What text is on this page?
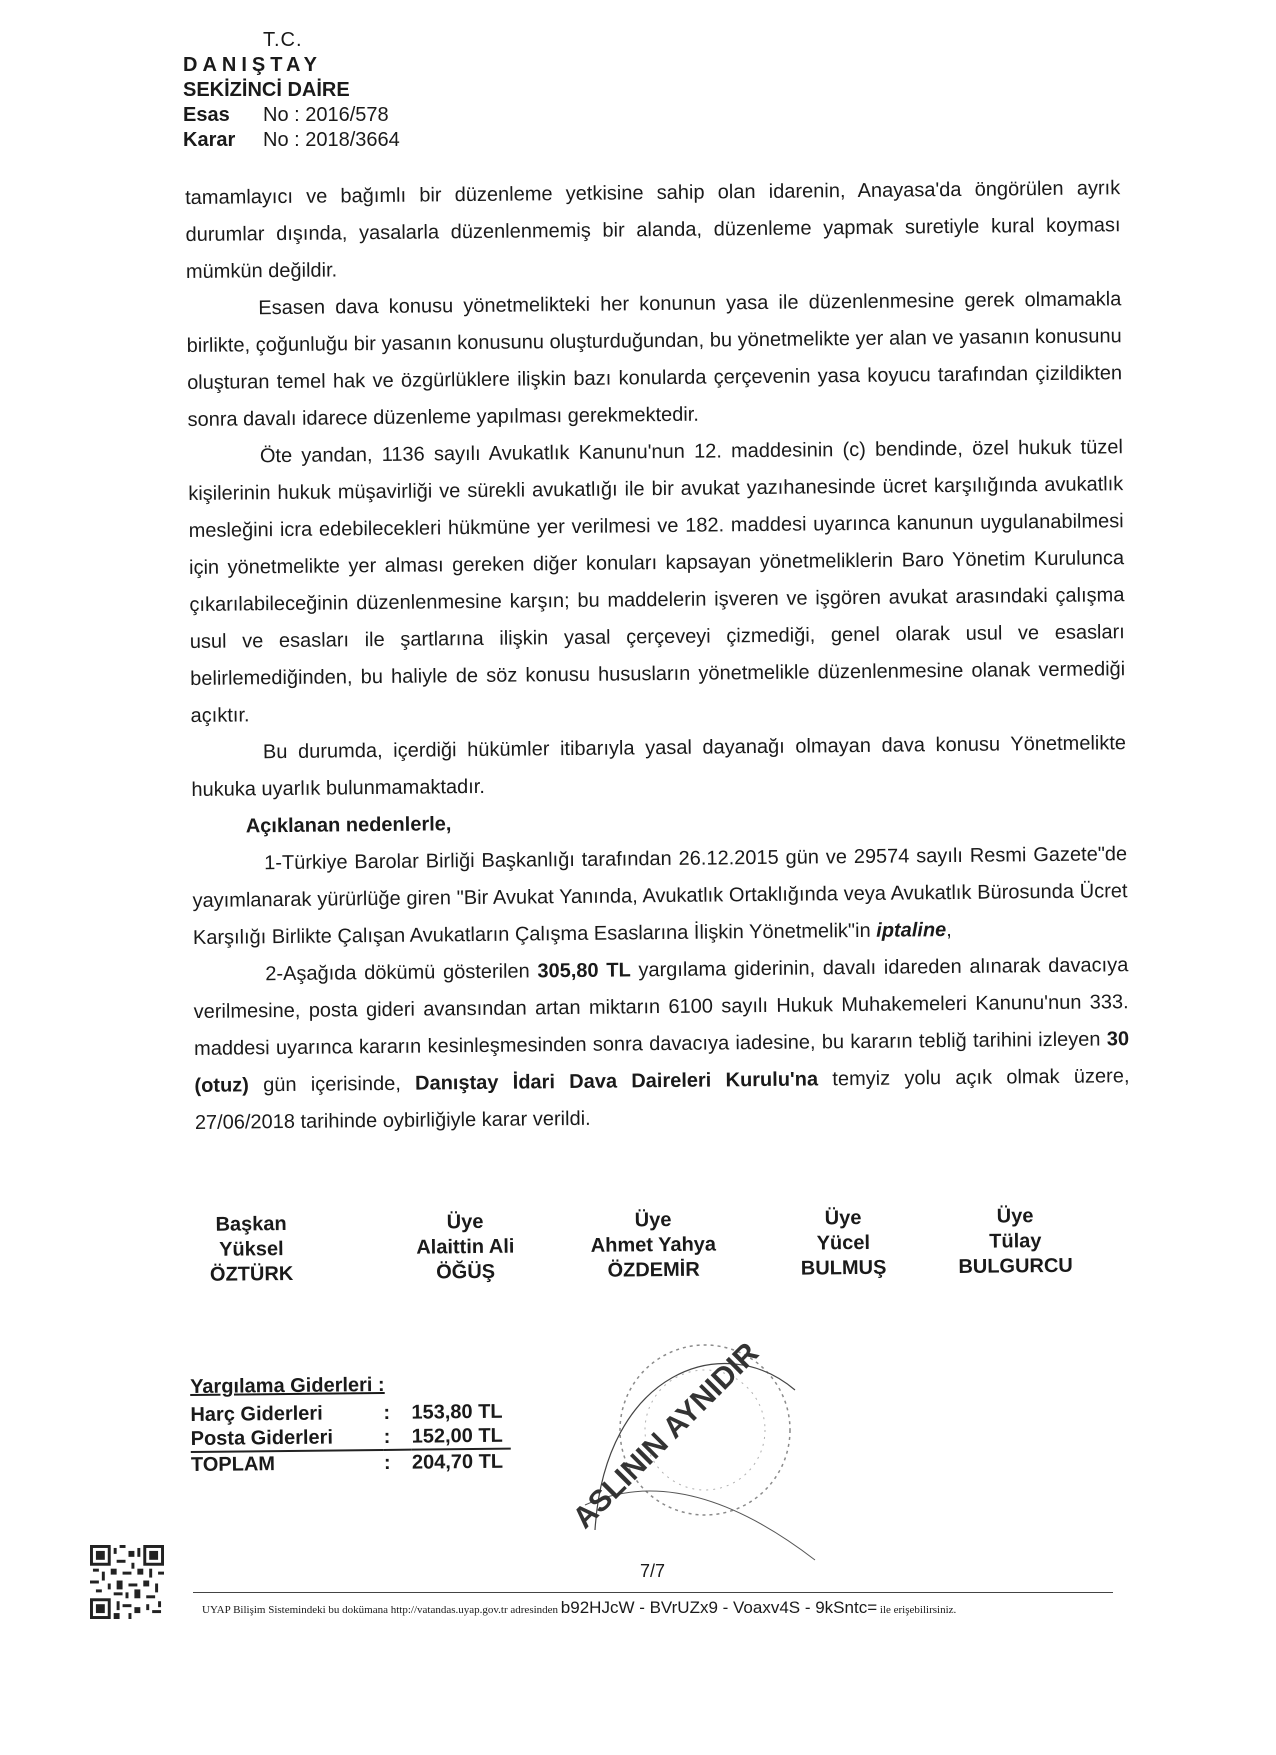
T.C.
DANIŞTAY
SEKİZİNCİ DAİRE
Esas No : 2016/578
Karar No : 2018/3664

tamamlayıcı ve bağımlı bir düzenleme yetkisine sahip olan idarenin, Anayasa'da öngörülen ayrık durumlar dışında, yasalarla düzenlenmemiş bir alanda, düzenleme yapmak suretiyle kural koyması mümkün değildir.

Esasen dava konusu yönetmelikteki her konunun yasa ile düzenlenmesine gerek olmamakla birlikte, çoğunluğu bir yasanın konusunu oluşturduğundan, bu yönetmelikte yer alan ve yasanın konusunu oluşturan temel hak ve özgürlüklere ilişkin bazı konularda çerçevenin yasa koyucu tarafından çizildikten sonra davalı idarece düzenleme yapılması gerekmektedir.

Öte yandan, 1136 sayılı Avukatlık Kanunu'nun 12. maddesinin (c) bendinde, özel hukuk tüzel kişilerinin hukuk müşavirliği ve sürekli avukatlığı ile bir avukat yazıhanesinde ücret karşılığında avukatlık mesleğini icra edebilecekleri hükmüne yer verilmesi ve 182. maddesi uyarınca kanunun uygulanabilmesi için yönetmelikte yer alması gereken diğer konuları kapsayan yönetmeliklerin Baro Yönetim Kurulunca çıkarılabileceğinin düzenlenmesine karşın; bu maddelerin işveren ve işgören avukat arasındaki çalışma usul ve esasları ile şartlarına ilişkin yasal çerçeveyi çizmediği, genel olarak usul ve esasları belirlemediğinden, bu haliyle de söz konusu hususların yönetmelikle düzenlenmesine olanak vermediği açıktır.

Bu durumda, içerdiği hükümler itibarıyla yasal dayanağı olmayan dava konusu Yönetmelikte hukuka uyarlık bulunmamaktadır.

Açıklanan nedenlerle,

1-Türkiye Barolar Birliği Başkanlığı tarafından 26.12.2015 gün ve 29574 sayılı Resmi Gazete"de yayımlanarak yürürlüğe giren "Bir Avukat Yanında, Avukatlık Ortaklığında veya Avukatlık Bürosunda Ücret Karşılığı Birlikte Çalışan Avukatların Çalışma Esaslarına İlişkin Yönetmelik"in iptaline,

2-Aşağıda dökümü gösterilen 305,80 TL yargılama giderinin, davalı idareden alınarak davacıya verilmesine, posta gideri avansından artan miktarın 6100 sayılı Hukuk Muhakemeleri Kanunu'nun 333. maddesi uyarınca kararın kesinleşmesinden sonra davacıya iadesine, bu kararın tebliğ tarihini izleyen 30 (otuz) gün içerisinde, Danıştay İdari Dava Daireleri Kurulu'na temyiz yolu açık olmak üzere, 27/06/2018 tarihinde oybirliğiyle karar verildi.

Başkan
Yüksel
ÖZTÜRK
Üye
Alaittin Ali
ÖĞÜŞ
Üye
Ahmet Yahya
ÖZDEMİR
Üye
Yücel
BULMUŞ
Üye
Tülay
BULGURCU
ASLININ AYNIDIR
Yargılama Giderleri :
Harç Giderleri	:	153,80 TL
Posta Giderleri	:	152,00 TL
TOPLAM	:	204,70 TL
7/7
UYAP Bilişim Sistemindeki bu dokümana http://vatandas.uyap.gov.tr adresinden b92HJcW - BVrUZx9 - Voaxv4S - 9kSntc= ile erişebilirsiniz.
